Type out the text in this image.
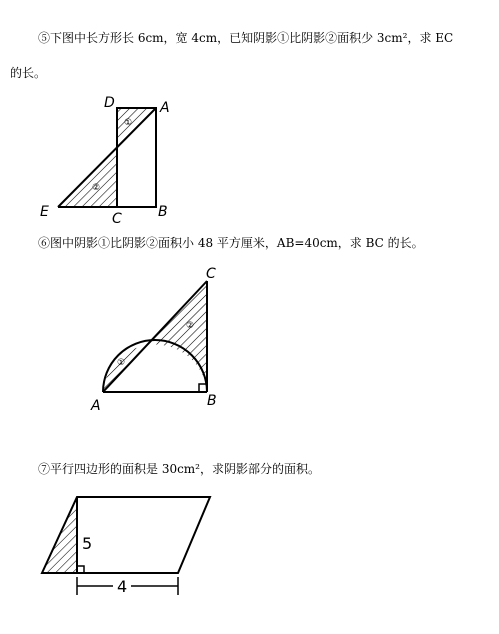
⑤下图中长方形长 6cm，宽 4cm，已知阴影①比阴影②面积少 3cm²，求 EC
的长。
D	A
E	C	B
①
②
⑥图中阴影①比阴影②面积小 48 平方厘米，AB=40cm，求 BC 的长。
A	B
C
①
②
⑦平行四边形的面积是 30cm²，求阴影部分的面积。
5
4
